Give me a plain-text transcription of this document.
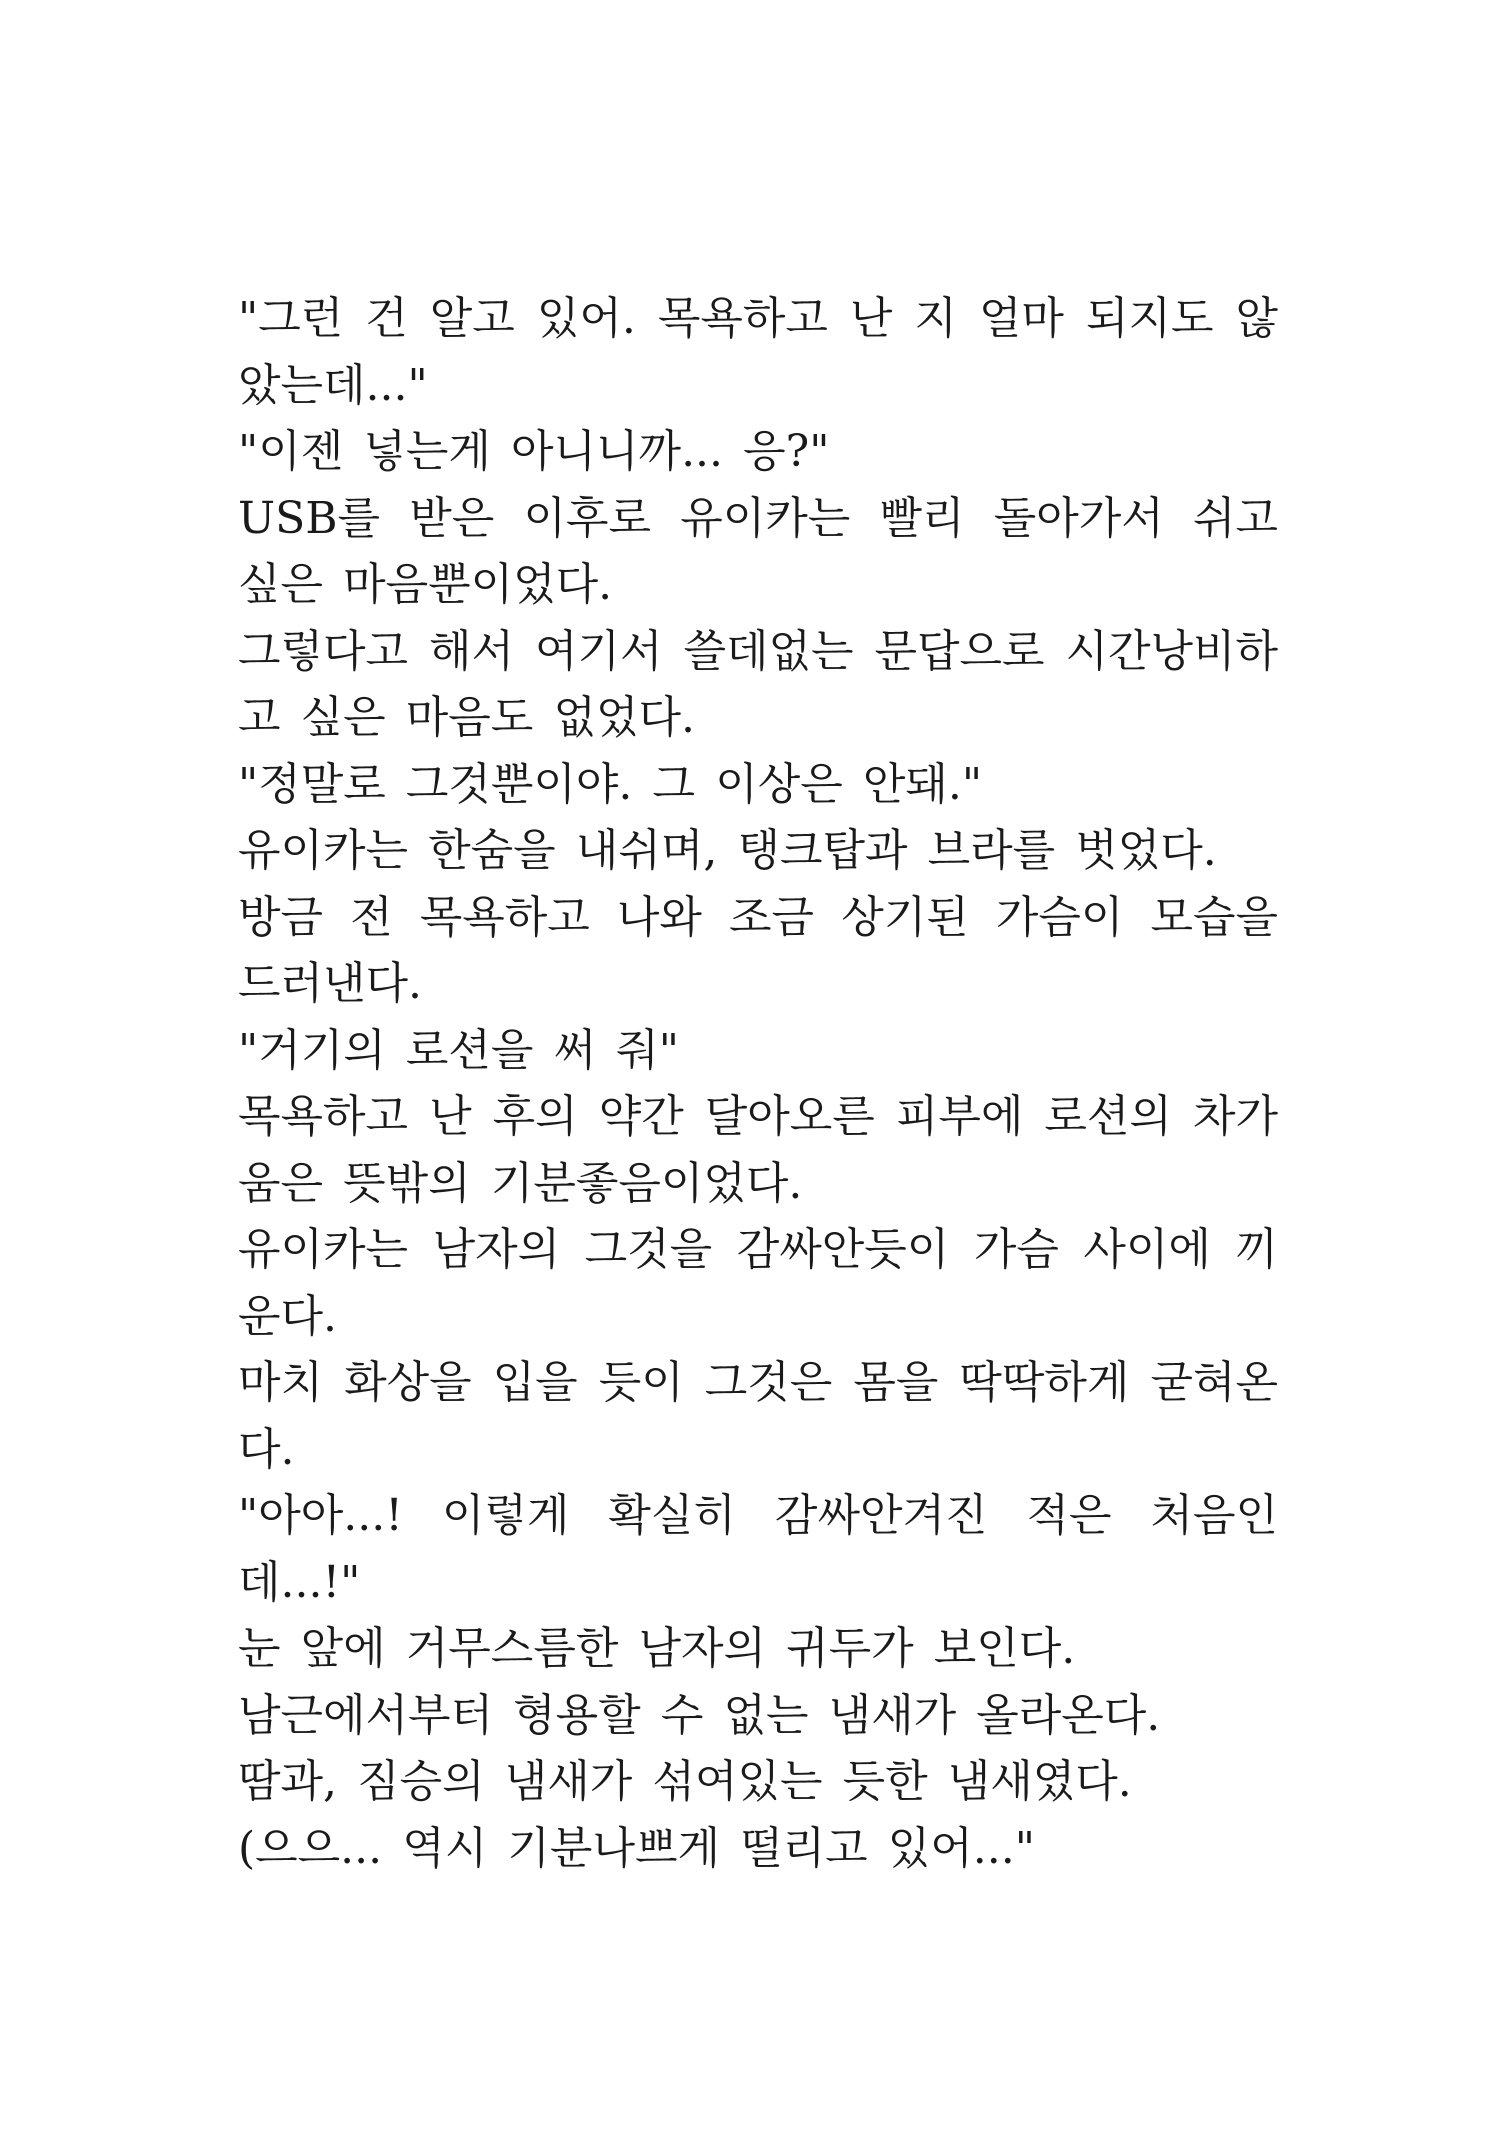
"그런 건 알고 있어. 목욕하고 난 지 얼마 되지도 않았는데..."

"이젠 넣는게 아니니까... 응?"

USB를 받은 이후로 유이카는 빨리 돌아가서 쉬고 싶은 마음뿐이었다.

그렇다고 해서 여기서 쓸데없는 문답으로 시간낭비하고 싶은 마음도 없었다.

"정말로 그것뿐이야. 그 이상은 안돼."

유이카는 한숨을 내쉬며, 탱크탑과 브라를 벗었다.

방금 전 목욕하고 나와 조금 상기된 가슴이 모습을 드러낸다.

"거기의 로션을 써 줘"

목욕하고 난 후의 약간 달아오른 피부에 로션의 차가움은 뜻밖의 기분좋음이었다.

유이카는 남자의 그것을 감싸안듯이 가슴 사이에 끼운다.

마치 화상을 입을 듯이 그것은 몸을 딱딱하게 굳혀온다.

"아아...! 이렇게 확실히 감싸안겨진 적은 처음인데...!"

눈 앞에 거무스름한 남자의 귀두가 보인다.

남근에서부터 형용할 수 없는 냄새가 올라온다.

땀과, 짐승의 냄새가 섞여있는 듯한 냄새였다.

(으으... 역시 기분나쁘게 떨리고 있어..."
